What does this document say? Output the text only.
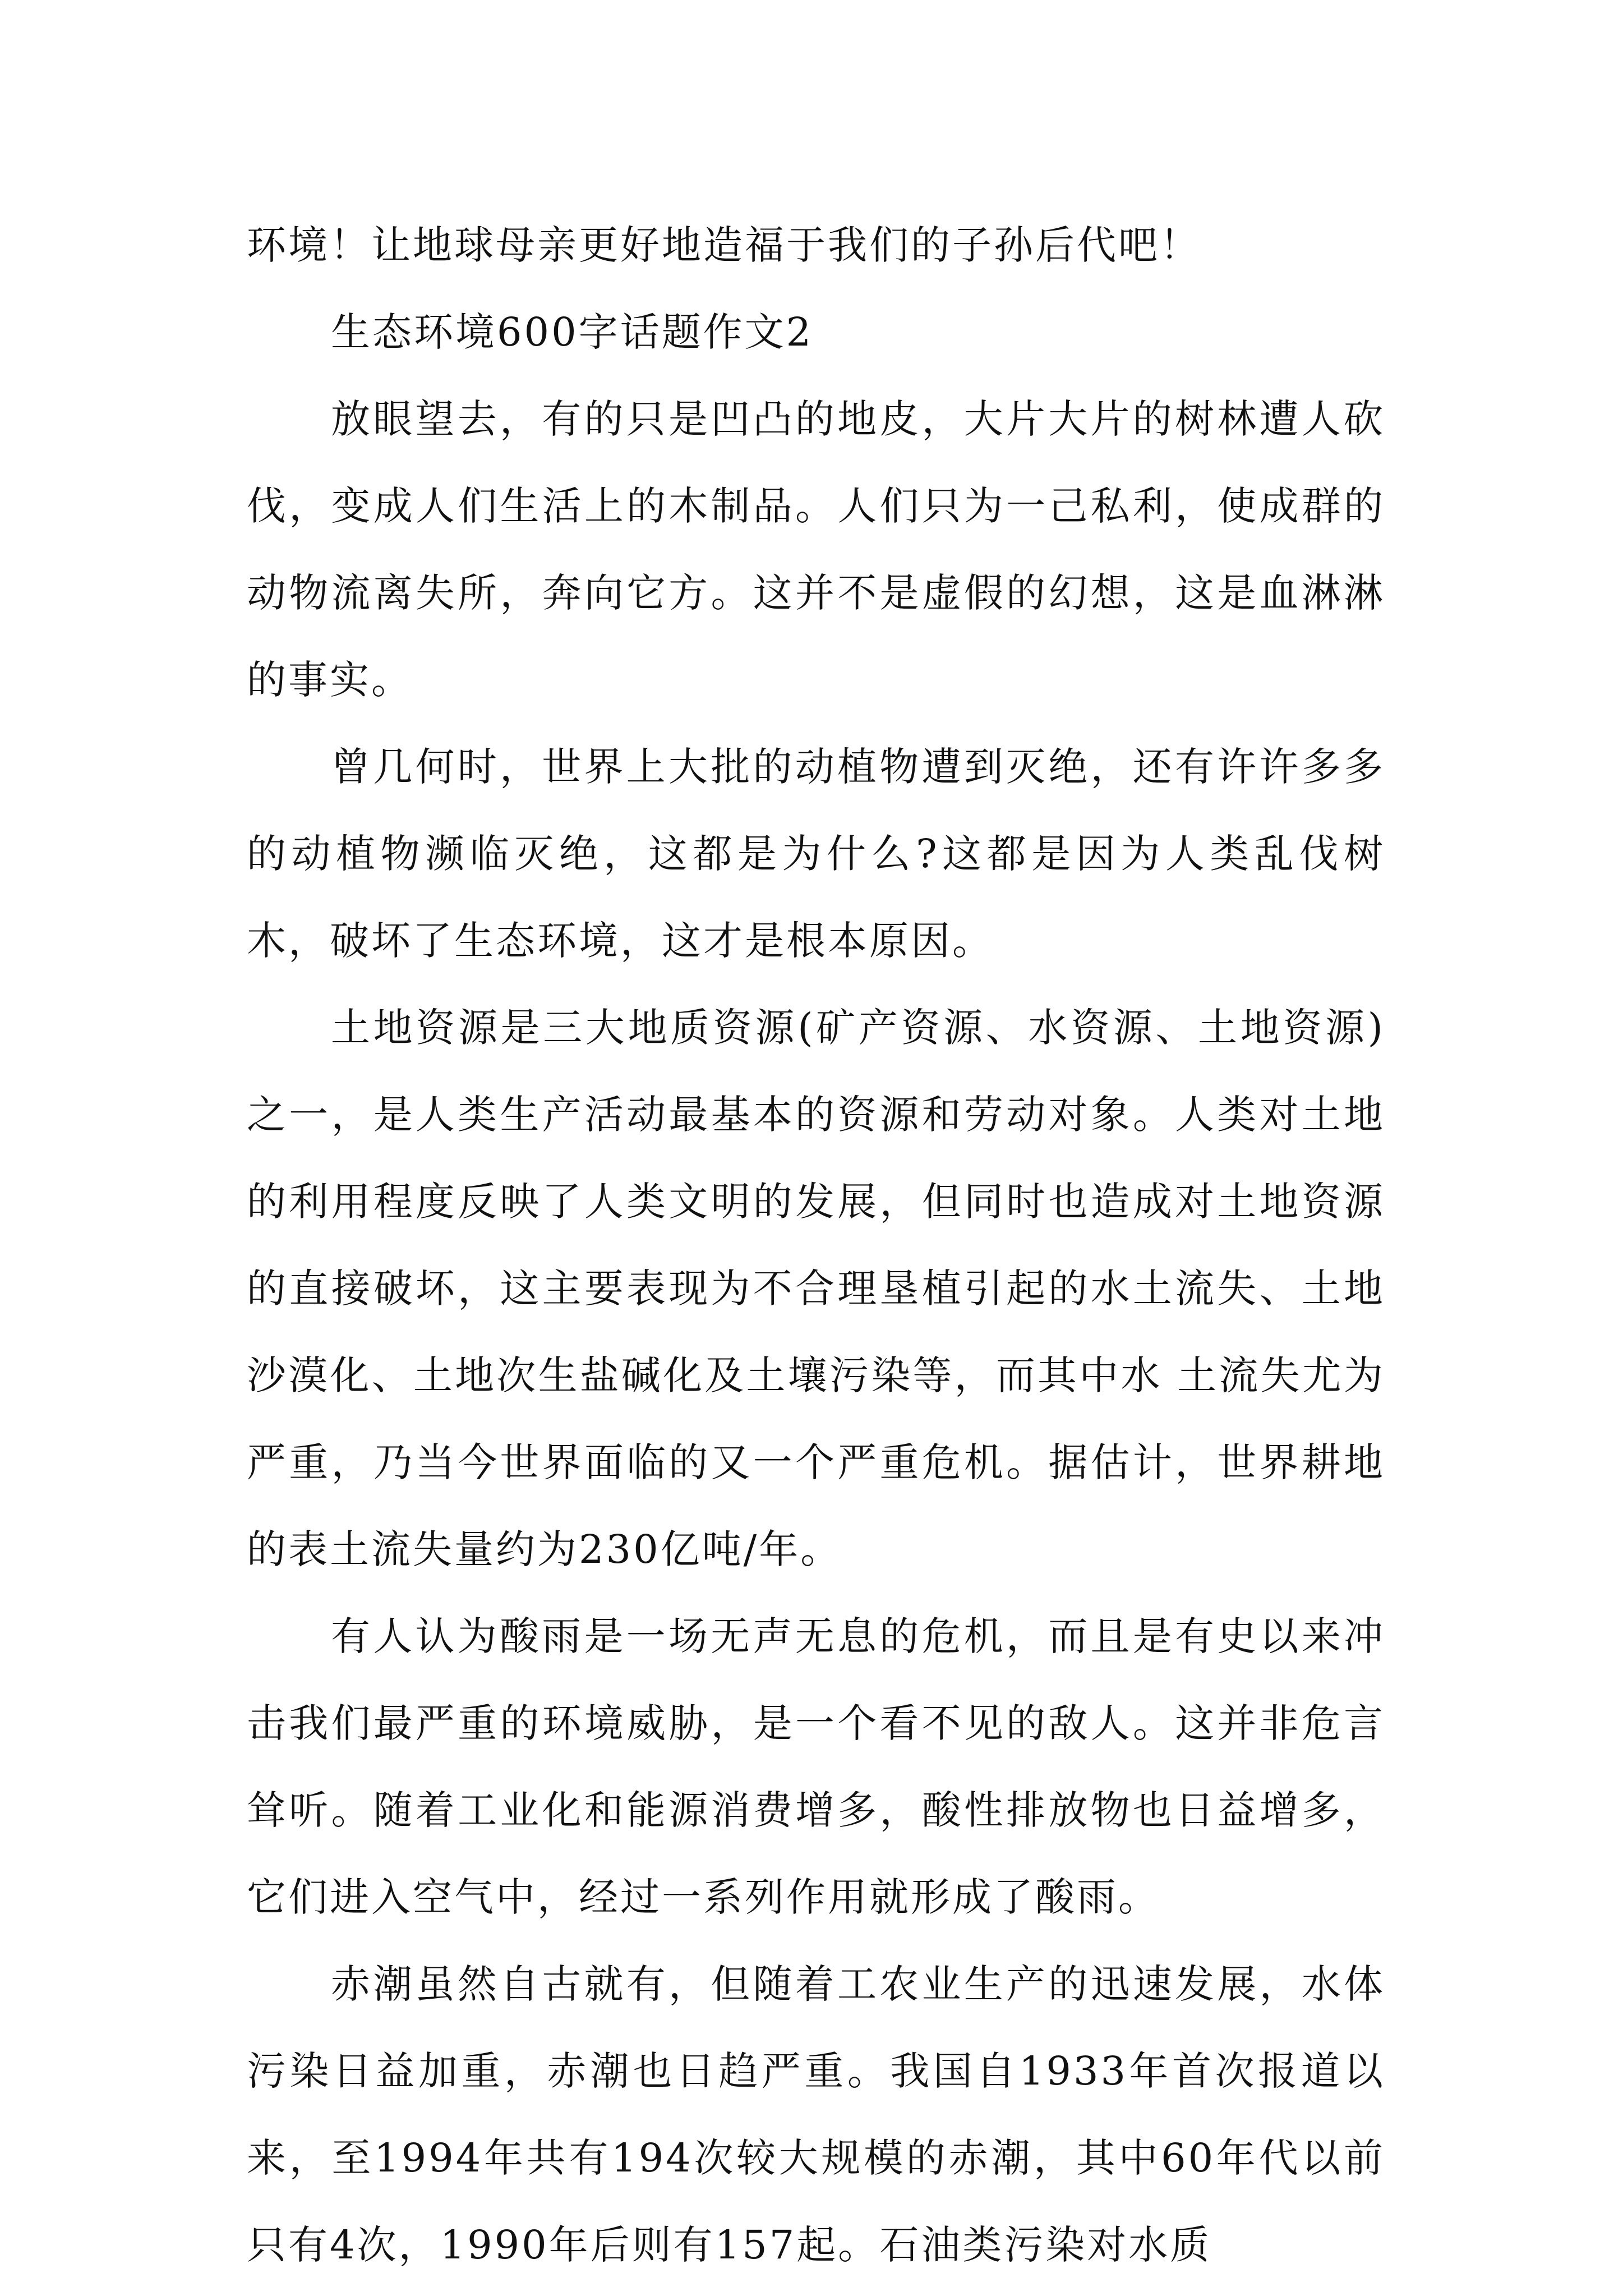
环境！让地球母亲更好地造福于我们的子孙后代吧！

生态环境600字话题作文2

放眼望去，有的只是凹凸的地皮，大片大片的树林遭人砍伐，变成人们生活上的木制品。人们只为一己私利，使成群的动物流离失所，奔向它方。这并不是虚假的幻想，这是血淋淋的事实。

曾几何时，世界上大批的动植物遭到灭绝，还有许许多多的动植物濒临灭绝，这都是为什么?这都是因为人类乱伐树木，破坏了生态环境，这才是根本原因。

土地资源是三大地质资源(矿产资源、水资源、土地资源)之一，是人类生产活动最基本的资源和劳动对象。人类对土地的利用程度反映了人类文明的发展，但同时也造成对土地资源的直接破坏，这主要表现为不合理垦植引起的水土流失、土地沙漠化、土地次生盐碱化及土壤污染等，而其中水 土流失尤为严重，乃当今世界面临的又一个严重危机。据估计，世界耕地的表土流失量约为230亿吨/年。

有人认为酸雨是一场无声无息的危机，而且是有史以来冲击我们最严重的环境威胁，是一个看不见的敌人。这并非危言耸听。随着工业化和能源消费增多，酸性排放物也日益增多，它们进入空气中，经过一系列作用就形成了酸雨。

赤潮虽然自古就有，但随着工农业生产的迅速发展，水体污染日益加重，赤潮也日趋严重。我国自1933年首次报道以来，至1994年共有194次较大规模的赤潮，其中60年代以前只有4次，1990年后则有157起。石油类污染对水质
